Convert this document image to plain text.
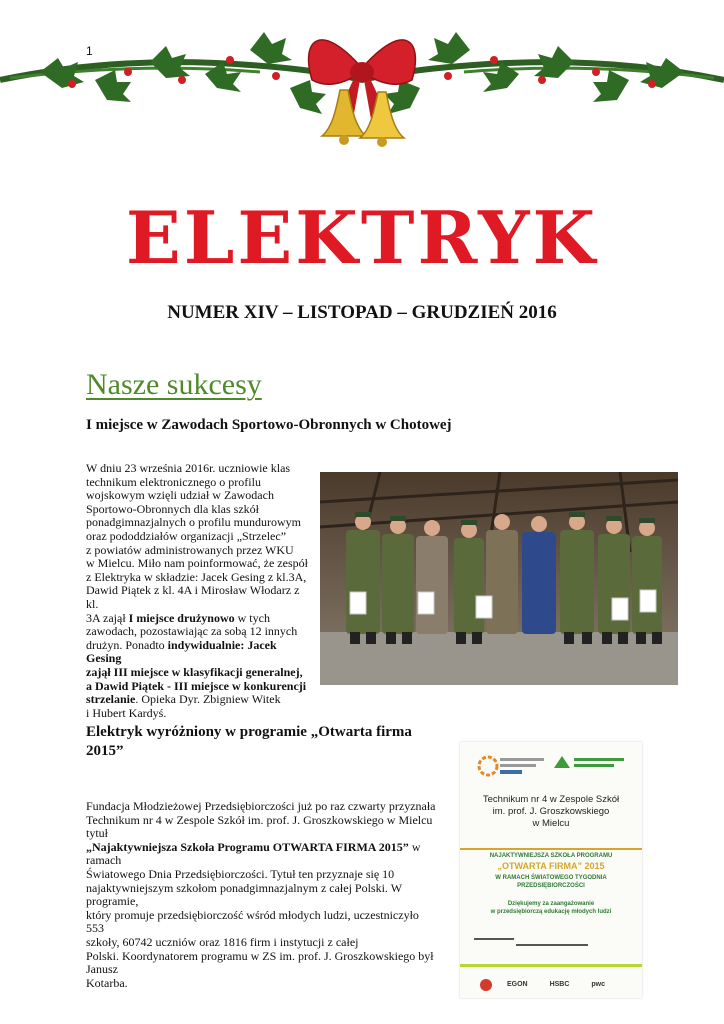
1
ELEKTRYK
NUMER XIV – LISTOPAD – GRUDZIEŃ 2016
Nasze sukcesy
I miejsce w Zawodach Sportowo-Obronnych w Chotowej
W dniu 23 września 2016r. uczniowie klas
technikum elektronicznego o profilu
wojskowym wzięli udział w Zawodach
Sportowo-Obronnych dla klas szkół
ponadgimnazjalnych o profilu mundurowym
oraz pododdziałów organizacji „Strzelec”
z powiatów administrowanych przez WKU
w Mielcu. Miło nam poinformować, że zespół
z Elektryka w składzie: Jacek Gesing z kl.3A,
Dawid Piątek z kl. 4A i Mirosław Włodarz z kl.
3A zajął I miejsce drużynowo w tych
zawodach, pozostawiając za sobą 12 innych
drużyn. Ponadto indywidualnie: Jacek Gesing
zajął III miejsce w klasyfikacji generalnej,
a Dawid Piątek - III miejsce w konkurencji
strzelanie. Opieka Dyr. Zbigniew Witek
i Hubert Kardyś.
Elektryk wyróżniony w programie „Otwarta firma
2015”
Fundacja Młodzieżowej Przedsiębiorczości już po raz czwarty przyznała
Technikum nr 4 w Zespole Szkół im. prof. J. Groszkowskiego w Mielcu tytuł
„Najaktywniejsza Szkoła Programu OTWARTA FIRMA 2015” w ramach
Światowego Dnia Przedsiębiorczości. Tytuł ten przyznaje się 10
najaktywniejszym szkołom ponadgimnazjalnym z całej Polski. W programie,
który promuje przedsiębiorczość wśród młodych ludzi, uczestniczyło 553
szkoły, 60742 uczniów oraz 1816 firm i instytucji z całej
Polski. Koordynatorem programu w ZS im. prof. J. Groszkowskiego był Janusz
Kotarba.
Technikum nr 4 w Zespole Szkół
im. prof. J. Groszkowskiego
w Mielcu
NAJAKTYWNIEJSZA SZKOŁA PROGRAMU
„OTWARTA FIRMA” 2015
W RAMACH ŚWIATOWEGO TYGODNIA
PRZEDSIĘBIORCZOŚCI
Dziękujemy za zaangażowanie
w przedsiębiorczą edukację młodych ludzi
EGON	HSBC	pwc
